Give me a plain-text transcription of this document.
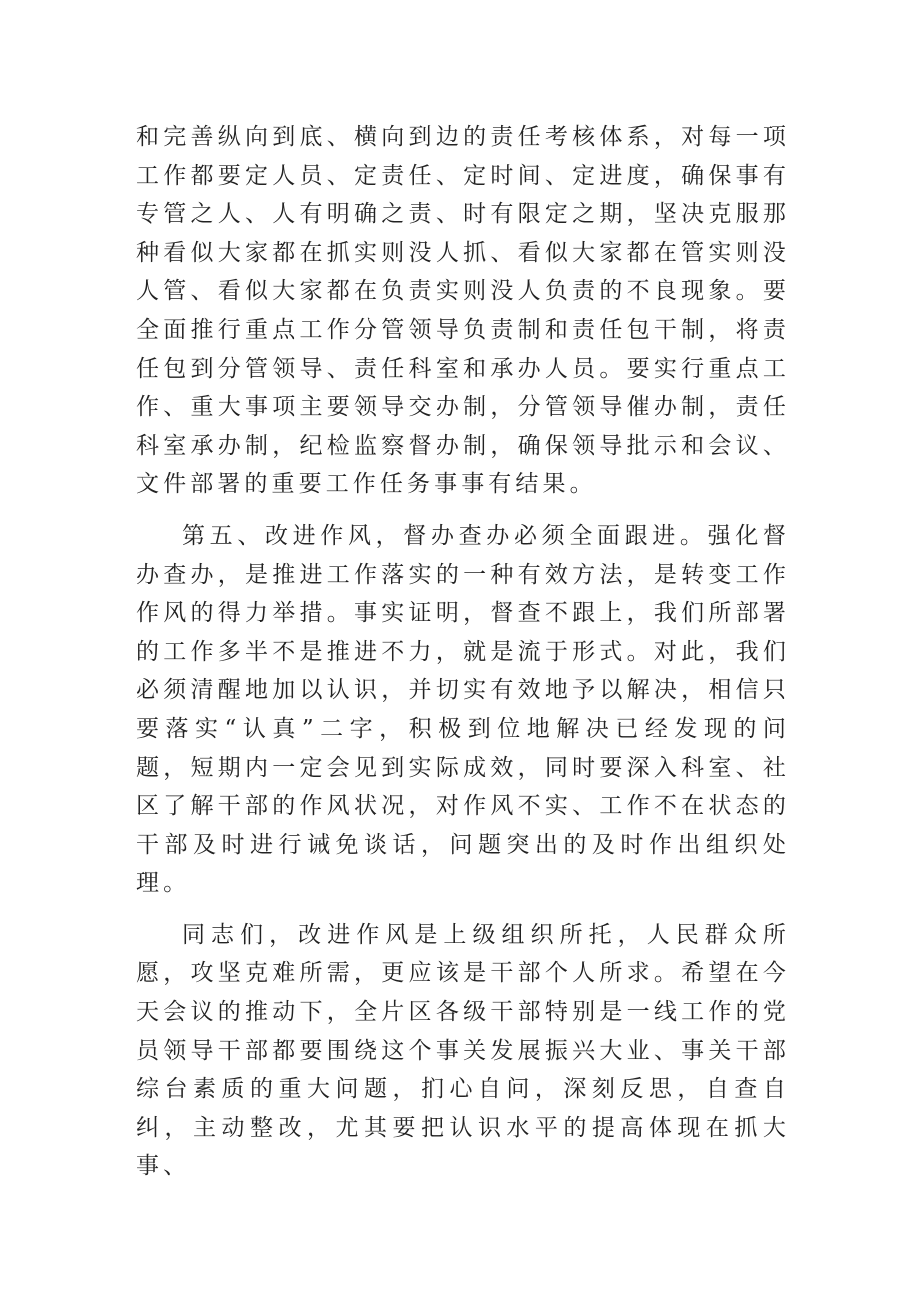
和完善纵向到底、横向到边的责任考核体系，对每一项工作都要定人员、定责任、定时间、定进度，确保事有专管之人、人有明确之责、时有限定之期，坚决克服那种看似大家都在抓实则没人抓、看似大家都在管实则没人管、看似大家都在负责实则没人负责的不良现象。要全面推行重点工作分管领导负责制和责任包干制，将责任包到分管领导、责任科室和承办人员。要实行重点工作、重大事项主要领导交办制，分管领导催办制，责任科室承办制，纪检监察督办制，确保领导批示和会议、文件部署的重要工作任务事事有结果。

第五、改进作风，督办查办必须全面跟进。强化督办查办，是推进工作落实的一种有效方法，是转变工作作风的得力举措。事实证明，督查不跟上，我们所部署的工作多半不是推进不力，就是流于形式。对此，我们必须清醒地加以认识，并切实有效地予以解决，相信只要落实“认真”二字，积极到位地解决已经发现的问题，短期内一定会见到实际成效，同时要深入科室、社区了解干部的作风状况，对作风不实、工作不在状态的干部及时进行诫免谈话，问题突出的及时作出组织处理。

同志们，改进作风是上级组织所托，人民群众所愿，攻坚克难所需，更应该是干部个人所求。希望在今天会议的推动下，全片区各级干部特别是一线工作的党员领导干部都要围绕这个事关发展振兴大业、事关干部综台素质的重大问题，扪心自问，深刻反思，自查自纠，主动整改，尤其要把认识水平的提高体现在抓大事、
